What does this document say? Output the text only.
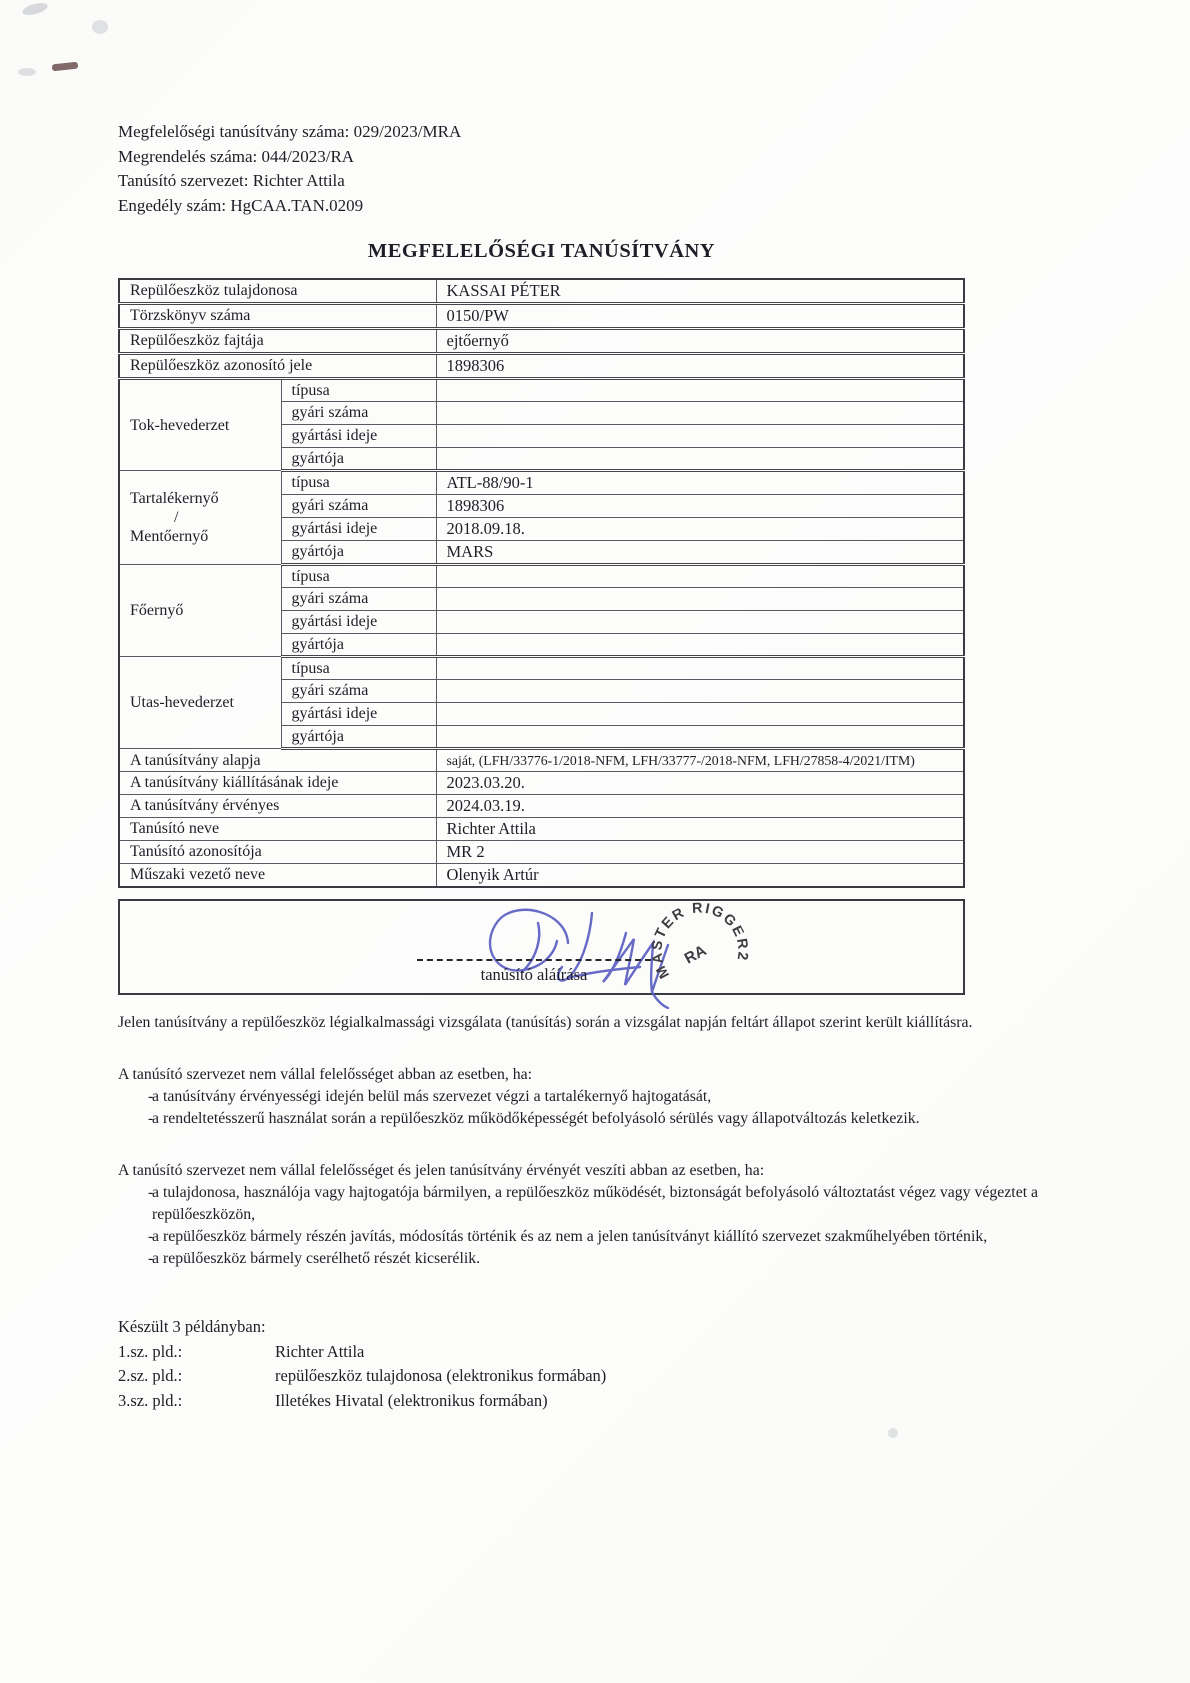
Megfelelőségi tanúsítvány száma: 029/2023/MRA
Megrendelés száma: 044/2023/RA
Tanúsító szervezet: Richter Attila
Engedély szám: HgCAA.TAN.0209
MEGFELELŐSÉGI TANÚSÍTVÁNY
Repülőeszköz tulajdonosa		KASSAI PÉTER
Törzskönyv száma		0150/PW
Repülőeszköz fajtája		ejtőernyő
Repülőeszköz azonosító jele		1898306

Tok-hevederzet	típusa	
	gyári száma	
	gyártási ideje	
	gyártója	

Tartalékernyő
/
Mentőernyő	típusa	ATL-88/90-1
	gyári száma	1898306
	gyártási ideje	2018.09.18.
	gyártója	MARS

Főernyő	típusa	
	gyári száma	
	gyártási ideje	
	gyártója	

Utas-hevederzet	típusa	
	gyári száma	
	gyártási ideje	
	gyártója	
A tanúsítvány alapja		saját, (LFH/33776-1/2018-NFM, LFH/33777-/2018-NFM, LFH/27858-4/2021/ITM)
A tanúsítvány kiállításának ideje		2023.03.20.
A tanúsítvány érvényes		2024.03.19.
Tanúsító neve		Richter Attila
Tanúsító azonosítója		MR 2
Műszaki vezető neve		Olenyik Artúr
tanúsító aláírása	MASTER RIGGER2
RA
Jelen tanúsítvány a repülőeszköz légialkalmassági vizsgálata (tanúsítás) során a vizsgálat napján feltárt állapot szerint került kiállításra.
A tanúsító szervezet nem vállal felelősséget abban az esetben, ha:
-
a tanúsítvány érvényességi idején belül más szervezet végzi a tartalékernyő hajtogatását,
-
a rendeltetésszerű használat során a repülőeszköz működőképességét befolyásoló sérülés vagy állapotváltozás keletkezik.
A tanúsító szervezet nem vállal felelősséget és jelen tanúsítvány érvényét veszíti abban az esetben, ha:
-
a tulajdonosa, használója vagy hajtogatója bármilyen, a repülőeszköz működését, biztonságát befolyásoló változtatást végez vagy végeztet a repülőeszközön,
-
a repülőeszköz bármely részén javítás, módosítás történik és az nem a jelen tanúsítványt kiállító szervezet szakműhelyében történik,
-
a repülőeszköz bármely cserélhető részét kicserélik.
Készült 3 példányban:
1.sz. pld.:	Richter Attila
2.sz. pld.:	repülőeszköz tulajdonosa (elektronikus formában)
3.sz. pld.:	Illetékes Hivatal (elektronikus formában)
